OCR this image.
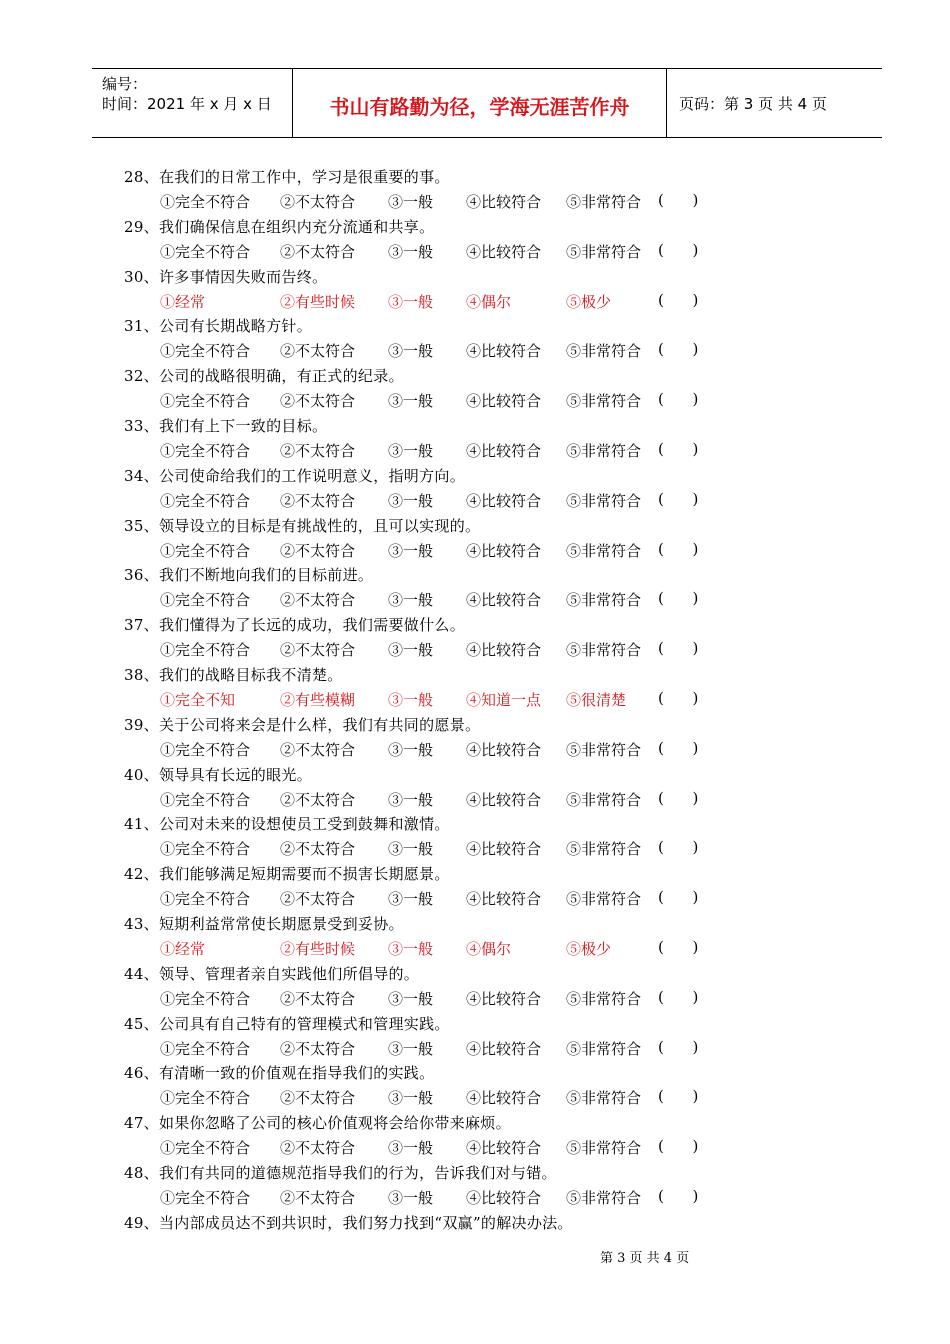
编号：
时间：2021 年 x 月 x 日	书山有路勤为径，学海无涯苦作舟	页码：第 3 页 共 4 页
28、在我们的日常工作中，学习是很重要的事。
①完全不符合 ②不太符合 ③一般 ④比较符合 ⑤非常符合 (      )
29、我们确保信息在组织内充分流通和共享。
①完全不符合 ②不太符合 ③一般 ④比较符合 ⑤非常符合 (      )
30、许多事情因失败而告终。
①经常	②有些时候 ③一般 ④偶尔	⑤极少	(      )
31、公司有长期战略方针。
①完全不符合 ②不太符合 ③一般 ④比较符合 ⑤非常符合 (      )
32、公司的战略很明确，有正式的纪录。
①完全不符合 ②不太符合 ③一般 ④比较符合 ⑤非常符合 (      )
33、我们有上下一致的目标。
①完全不符合 ②不太符合 ③一般 ④比较符合 ⑤非常符合 (      )
34、公司使命给我们的工作说明意义，指明方向。
①完全不符合 ②不太符合 ③一般 ④比较符合 ⑤非常符合 (      )
35、领导设立的目标是有挑战性的，且可以实现的。
①完全不符合 ②不太符合 ③一般 ④比较符合 ⑤非常符合 (      )
36、我们不断地向我们的目标前进。
①完全不符合 ②不太符合 ③一般 ④比较符合 ⑤非常符合 (      )
37、我们懂得为了长远的成功，我们需要做什么。
①完全不符合 ②不太符合 ③一般 ④比较符合 ⑤非常符合 (      )
38、我们的战略目标我不清楚。
①完全不知	②有些模糊 ③一般 ④知道一点 ⑤很清楚 (      )
39、关于公司将来会是什么样，我们有共同的愿景。
①完全不符合 ②不太符合 ③一般 ④比较符合 ⑤非常符合 (      )
40、领导具有长远的眼光。
①完全不符合 ②不太符合 ③一般 ④比较符合 ⑤非常符合 (      )
41、公司对未来的设想使员工受到鼓舞和激情。
①完全不符合 ②不太符合 ③一般 ④比较符合 ⑤非常符合 (      )
42、我们能够满足短期需要而不损害长期愿景。
①完全不符合 ②不太符合 ③一般 ④比较符合 ⑤非常符合 (      )
43、短期利益常常使长期愿景受到妥协。
①经常	②有些时候 ③一般 ④偶尔	⑤极少	(      )
44、领导、管理者亲自实践他们所倡导的。
①完全不符合 ②不太符合 ③一般 ④比较符合 ⑤非常符合 (      )
45、公司具有自己特有的管理模式和管理实践。
①完全不符合 ②不太符合 ③一般 ④比较符合 ⑤非常符合 (      )
46、有清晰一致的价值观在指导我们的实践。
①完全不符合 ②不太符合 ③一般 ④比较符合 ⑤非常符合 (      )
47、如果你忽略了公司的核心价值观将会给你带来麻烦。
①完全不符合 ②不太符合 ③一般 ④比较符合 ⑤非常符合 (      )
48、我们有共同的道德规范指导我们的行为，告诉我们对与错。
①完全不符合 ②不太符合 ③一般 ④比较符合 ⑤非常符合 (      )
49、当内部成员达不到共识时，我们努力找到“双赢”的解决办法。
第 3 页 共 4 页
